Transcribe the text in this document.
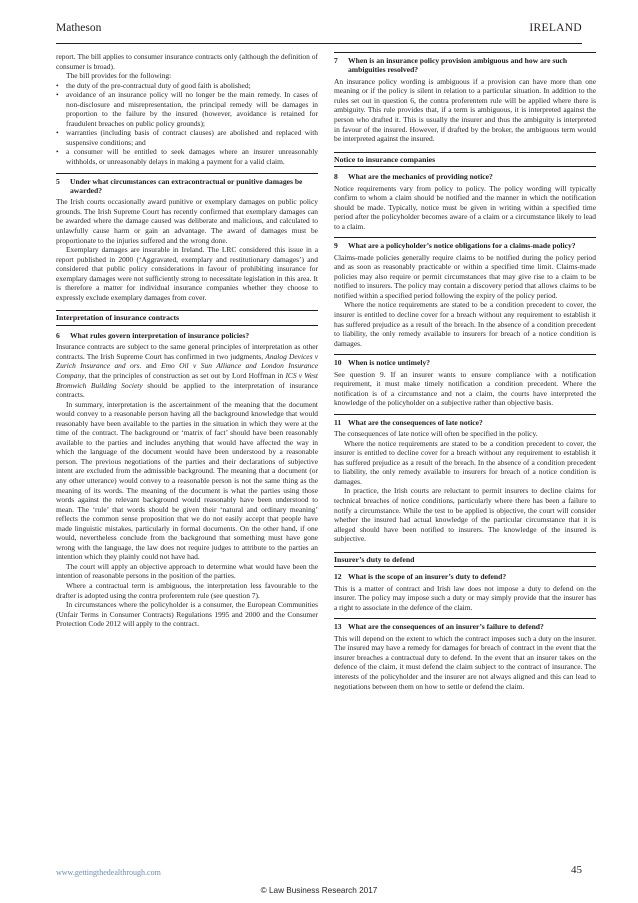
Matheson	IRELAND

report. The bill applies to consumer insurance contracts only (although the definition of consumer is broad).

The bill provides for the following:

• the duty of the pre-contractual duty of good faith is abolished;
• avoidance of an insurance policy will no longer be the main remedy. In cases of non-disclosure and misrepresentation, the principal remedy will be damages in proportion to the failure by the insured (however, avoidance is retained for fraudulent breaches on public policy grounds);
• warranties (including basis of contract clauses) are abolished and replaced with suspensive conditions; and
• a consumer will be entitled to seek damages where an insurer unreasonably withholds, or unreasonably delays in making a payment for a valid claim.
5	Under what circumstances can extracontractual or punitive damages be awarded?

The Irish courts occasionally award punitive or exemplary damages on public policy grounds. The Irish Supreme Court has recently confirmed that exemplary damages can be awarded where the damage caused was deliberate and malicious, and calculated to unlawfully cause harm or gain an advantage. The award of damages must be proportionate to the injuries suffered and the wrong done.

Exemplary damages are insurable in Ireland. The LRC considered this issue in a report published in 2000 (‘Aggravated, exemplary and restitutionary damages’) and considered that public policy considerations in favour of prohibiting insurance for exemplary damages were not sufficiently strong to necessitate legislation in this area. It is therefore a matter for individual insurance companies whether they choose to expressly exclude exemplary damages from cover.

Interpretation of insurance contracts
6	What rules govern interpretation of insurance policies?

Insurance contracts are subject to the same general principles of interpretation as other contracts. The Irish Supreme Court has confirmed in two judgments, Analog Devices v Zurich Insurance and ors. and Emo Oil v Sun Alliance and London Insurance Company, that the principles of construction as set out by Lord Hoffman in ICS v West Bromwich Building Society should be applied to the interpretation of insurance contracts.

In summary, interpretation is the ascertainment of the meaning that the document would convey to a reasonable person having all the background knowledge that would reasonably have been available to the parties in the situation in which they were at the time of the contract. The background or ‘matrix of fact’ should have been reasonably available to the parties and includes anything that would have affected the way in which the language of the document would have been understood by a reasonable person. The previous negotiations of the parties and their declarations of subjective intent are excluded from the admissible background. The meaning that a document (or any other utterance) would convey to a reasonable person is not the same thing as the meaning of its words. The meaning of the document is what the parties using those words against the relevant background would reasonably have been understood to mean. The ‘rule’ that words should be given their ‘natural and ordinary meaning’ reflects the common sense proposition that we do not easily accept that people have made linguistic mistakes, particularly in formal documents. On the other hand, if one would, nevertheless conclude from the background that something must have gone wrong with the language, the law does not require judges to attribute to the parties an intention which they plainly could not have had.

The court will apply an objective approach to determine what would have been the intention of reasonable persons in the position of the parties.

Where a contractual term is ambiguous, the interpretation less favourable to the drafter is adopted using the contra proferentem rule (see question 7).

In circumstances where the policyholder is a consumer, the European Communities (Unfair Terms in Consumer Contracts) Regulations 1995 and 2000 and the Consumer Protection Code 2012 will apply to the contract.

7	When is an insurance policy provision ambiguous and how are such ambiguities resolved?

An insurance policy wording is ambiguous if a provision can have more than one meaning or if the policy is silent in relation to a particular situation. In addition to the rules set out in question 6, the contra proferentem rule will be applied where there is ambiguity. This rule provides that, if a term is ambiguous, it is interpreted against the person who drafted it. This is usually the insurer and thus the ambiguity is interpreted in favour of the insured. However, if drafted by the broker, the ambiguous term would be interpreted against the insured.

Notice to insurance companies
8	What are the mechanics of providing notice?

Notice requirements vary from policy to policy. The policy wording will typically confirm to whom a claim should be notified and the manner in which the notification should be made. Typically, notice must be given in writing within a specified time period after the policyholder becomes aware of a claim or a circumstance likely to lead to a claim.

9	What are a policyholder’s notice obligations for a claims-made policy?

Claims-made policies generally require claims to be notified during the policy period and as soon as reasonably practicable or within a specified time limit. Claims-made policies may also require or permit circumstances that may give rise to a claim to be notified to insurers. The policy may contain a discovery period that allows claims to be notified within a specified period following the expiry of the policy period.

Where the notice requirements are stated to be a condition precedent to cover, the insurer is entitled to decline cover for a breach without any requirement to establish it has suffered prejudice as a result of the breach. In the absence of a condition precedent to liability, the only remedy available to insurers for breach of a notice condition is damages.

10 When is notice untimely?

See question 9. If an insurer wants to ensure compliance with a notification requirement, it must make timely notification a condition precedent. Where the notification is of a circumstance and not a claim, the courts have interpreted the knowledge of the policyholder on a subjective rather than objective basis.

11 What are the consequences of late notice?

The consequences of late notice will often be specified in the policy.

Where the notice requirements are stated to be a condition precedent to cover, the insurer is entitled to decline cover for a breach without any requirement to establish it has suffered prejudice as a result of the breach. In the absence of a condition precedent to liability, the only remedy available to insurers for breach of a notice condition is damages.

In practice, the Irish courts are reluctant to permit insurers to decline claims for technical breaches of notice conditions, particularly where there has been a failure to notify a circumstance. While the test to be applied is objective, the court will consider whether the insured had actual knowledge of the particular circumstance that it is alleged should have been notified to insurers. The knowledge of the insured is subjective.

Insurer’s duty to defend
12 What is the scope of an insurer’s duty to defend?

This is a matter of contract and Irish law does not impose a duty to defend on the insurer. The policy may impose such a duty or may simply provide that the insurer has a right to associate in the defence of the claim.

13 What are the consequences of an insurer’s failure to defend?

This will depend on the extent to which the contract imposes such a duty on the insurer. The insured may have a remedy for damages for breach of contract in the event that the insurer breaches a contractual duty to defend. In the event that an insurer takes on the defence of the claim, it must defend the claim subject to the contract of insurance. The interests of the policyholder and the insurer are not always aligned and this can lead to negotiations between them on how to settle or defend the claim.

www.gettingthedealthrough.com	45
© Law Business Research 2017
